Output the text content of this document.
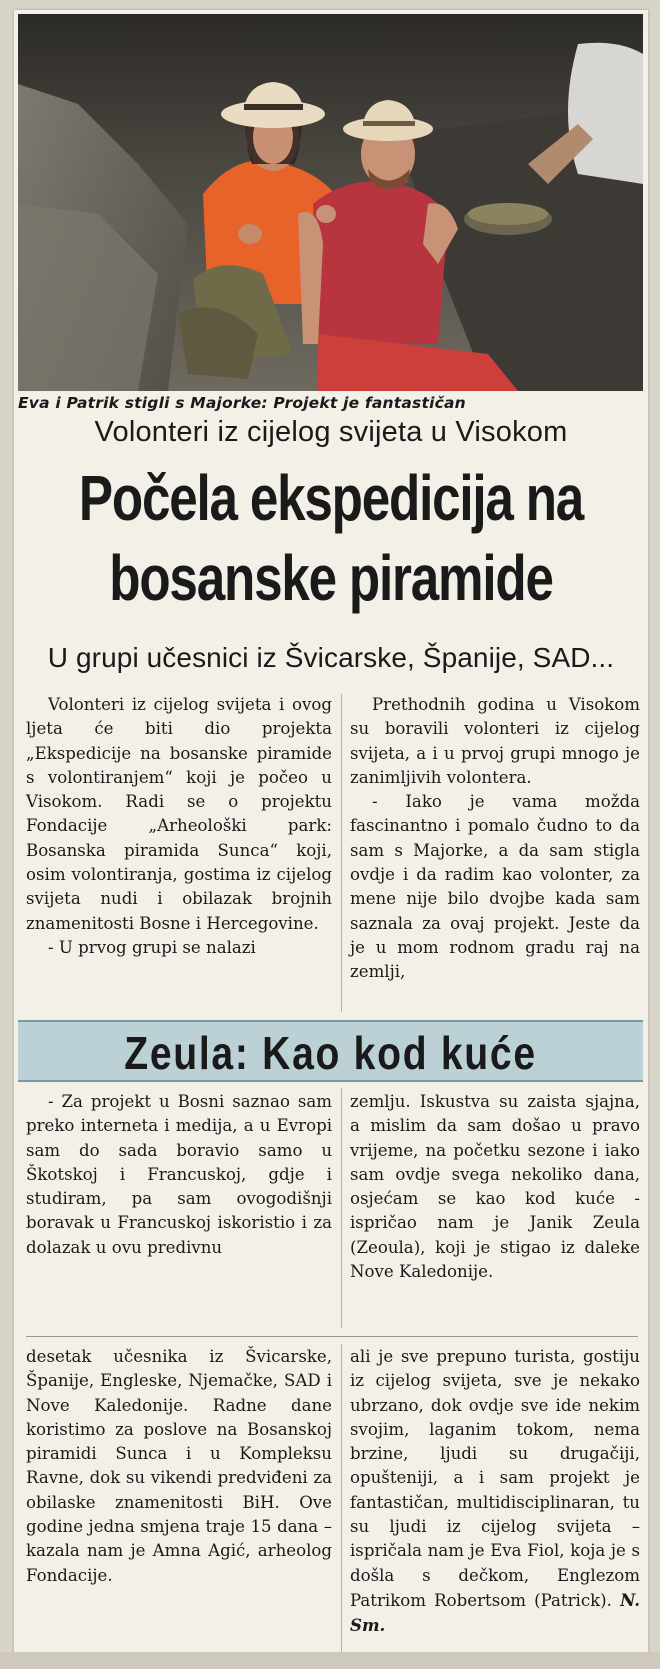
Eva i Patrik stigli s Majorke: Projekt je fantastičan
Volonteri iz cijelog svijeta u Visokom
Počela ekspedicija na
bosanske piramide
U grupi učesnici iz Švicarske, Španije, SAD...

Volonteri iz cijelog svijeta i ovog ljeta će biti dio projekta „Ekspedicije na bosanske piramide s volontiranjem“ koji je počeo u Visokom. Radi se o projektu Fondacije „Arheološki park: Bosanska piramida Sunca“ koji, osim volontiranja, gostima iz cijelog svijeta nudi i obilazak brojnih znamenitosti Bosne i Hercegovine.

- U prvog grupi se nalazi

Prethodnih godina u Visokom su boravili volonteri iz cijelog svijeta, a i u prvoj grupi mnogo je zanimljivih volontera.

- Iako je vama možda fascinantno i pomalo čudno to da sam s Majorke, a da sam stigla ovdje i da radim kao volonter, za mene nije bilo dvojbe kada sam saznala za ovaj projekt. Jeste da je u mom rodnom gradu raj na zemlji,

Zeula: Kao kod kuće

- Za projekt u Bosni saznao sam preko interneta i medija, a u Evropi sam do sada boravio samo u Škotskoj i Francuskoj, gdje i studiram, pa sam ovogodišnji boravak u Francuskoj iskoristio i za dolazak u ovu predivnu

zemlju. Iskustva su zaista sjajna, a mislim da sam došao u pravo vrijeme, na početku sezone i iako sam ovdje svega nekoliko dana, osjećam se kao kod kuće - ispričao nam je Janik Zeula (Zeoula), koji je stigao iz daleke Nove Kaledonije.

desetak učesnika iz Švicarske, Španije, Engleske, Njemačke, SAD i Nove Kaledonije. Radne dane koristimo za poslove na Bosanskoj piramidi Sunca i u Kompleksu Ravne, dok su vikendi predviđeni za obilaske znamenitosti BiH. Ove godine jedna smjena traje 15 dana – kazala nam je Amna Agić, arheolog Fondacije.

ali je sve prepuno turista, gostiju iz cijelog svijeta, sve je nekako ubrzano, dok ovdje sve ide nekim svojim, laganim tokom, nema brzine, ljudi su drugačiji, opušteniji, a i sam projekt je fantastičan, multidisciplinaran, tu su ljudi iz cijelog svijeta – ispričala nam je Eva Fiol, koja je s došla s dečkom, Englezom Patrikom Robertsom (Patrick). N. Sm.
